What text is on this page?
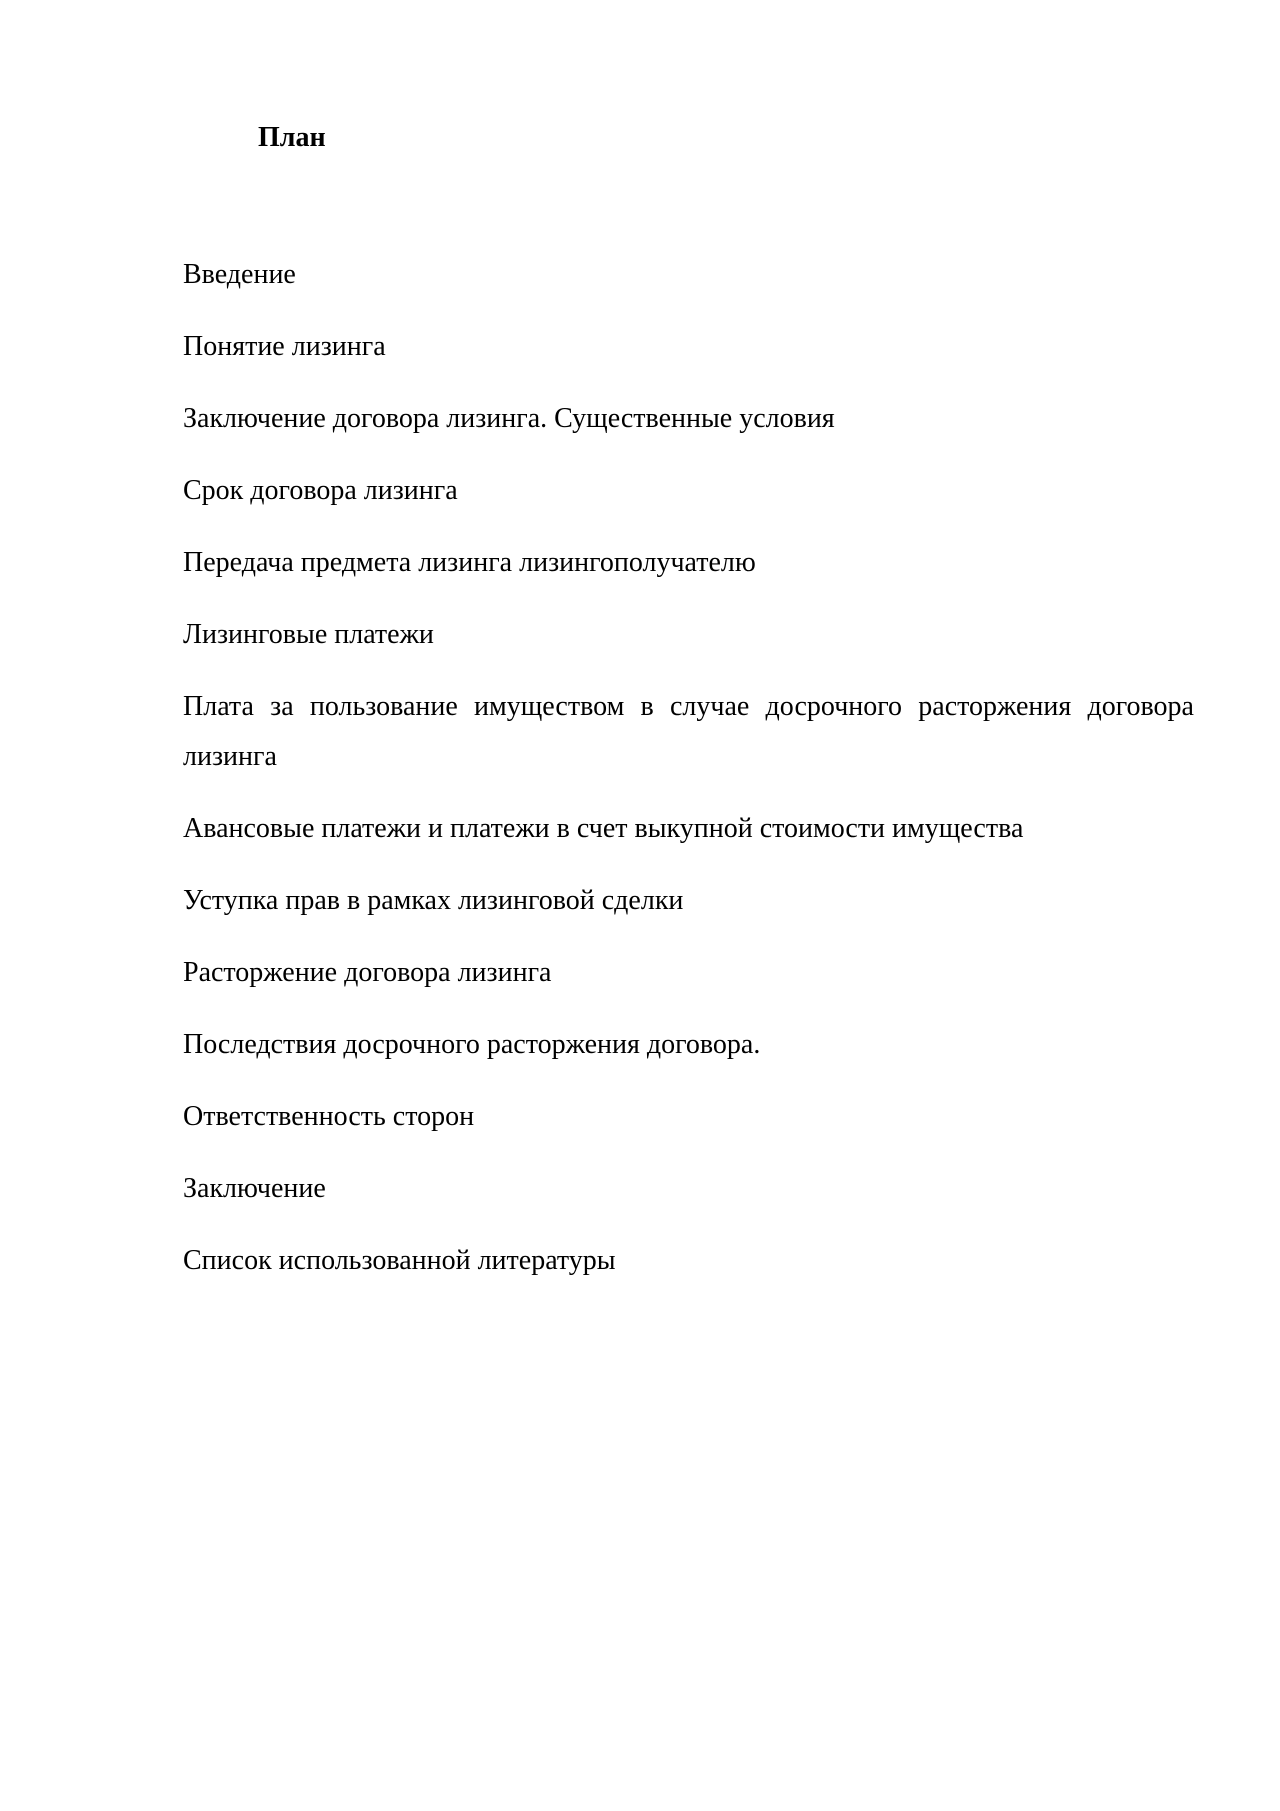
План
Введение
Понятие лизинга
Заключение договора лизинга. Существенные условия
Срок договора лизинга
Передача предмета лизинга лизингополучателю
Лизинговые платежи
Плата за пользование имуществом в случае досрочного расторжения договора лизинга
Авансовые платежи и платежи в счет выкупной стоимости имущества
Уступка прав в рамках лизинговой сделки
Расторжение договора лизинга
Последствия досрочного расторжения договора.
Ответственность сторон
Заключение
Список использованной литературы
